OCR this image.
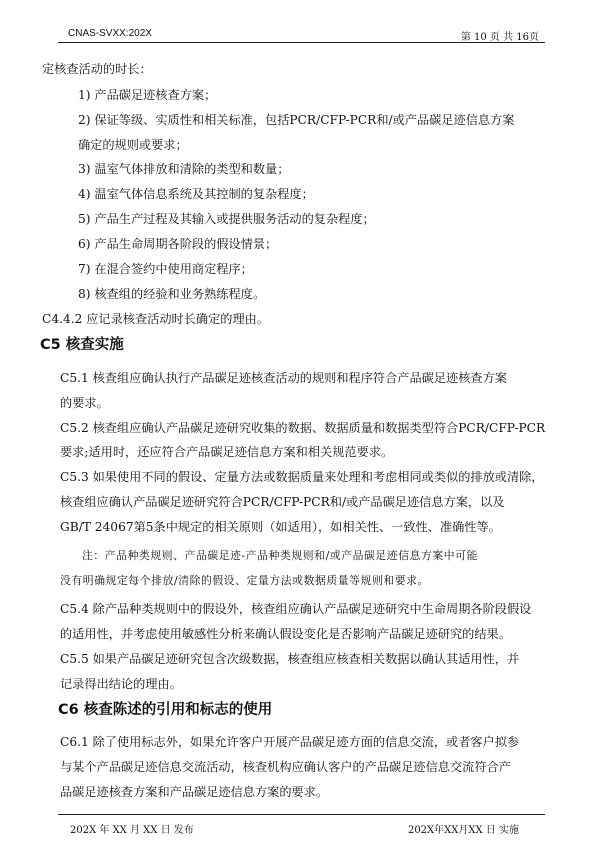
CNAS-SVXX:202X	第 10 页 共 16页
定核查活动的时长：
1) 产品碳足迹核查方案；
2) 保证等级、实质性和相关标准，包括PCR/CFP-PCR和/或产品碳足迹信息方案
确定的规则或要求；
3) 温室气体排放和清除的类型和数量；
4) 温室气体信息系统及其控制的复杂程度；
5) 产品生产过程及其输入或提供服务活动的复杂程度；
6) 产品生命周期各阶段的假设情景；
7) 在混合签约中使用商定程序；
8) 核查组的经验和业务熟练程度。
C4.4.2 应记录核查活动时长确定的理由。
C5 核查实施
C5.1 核查组应确认执行产品碳足迹核查活动的规则和程序符合产品碳足迹核查方案
的要求。
C5.2 核查组应确认产品碳足迹研究收集的数据、数据质量和数据类型符合PCR/CFP-PCR
要求;适用时，还应符合产品碳足迹信息方案和相关规范要求。
C5.3 如果使用不同的假设、定量方法或数据质量来处理和考虑相同或类似的排放或清除，
核查组应确认产品碳足迹研究符合PCR/CFP-PCR和/或产品碳足迹信息方案，以及
GB/T 24067第5条中规定的相关原则（如适用），如相关性、一致性、准确性等。
注：产品种类规则、产品碳足迹-产品种类规则和/或产品碳足迹信息方案中可能
没有明确规定每个排放/清除的假设、定量方法或数据质量等规则和要求。
C5.4 除产品种类规则中的假设外，核查组应确认产品碳足迹研究中生命周期各阶段假设
的适用性，并考虑使用敏感性分析来确认假设变化是否影响产品碳足迹研究的结果。
C5.5 如果产品碳足迹研究包含次级数据，核查组应核查相关数据以确认其适用性，并
记录得出结论的理由。
C6 核查陈述的引用和标志的使用
C6.1 除了使用标志外，如果允许客户开展产品碳足迹方面的信息交流，或者客户拟参
与某个产品碳足迹信息交流活动，核查机构应确认客户的产品碳足迹信息交流符合产
品碳足迹核查方案和产品碳足迹信息方案的要求。
202X 年 XX 月 XX 日 发布	202X年XX月XX 日 实施
